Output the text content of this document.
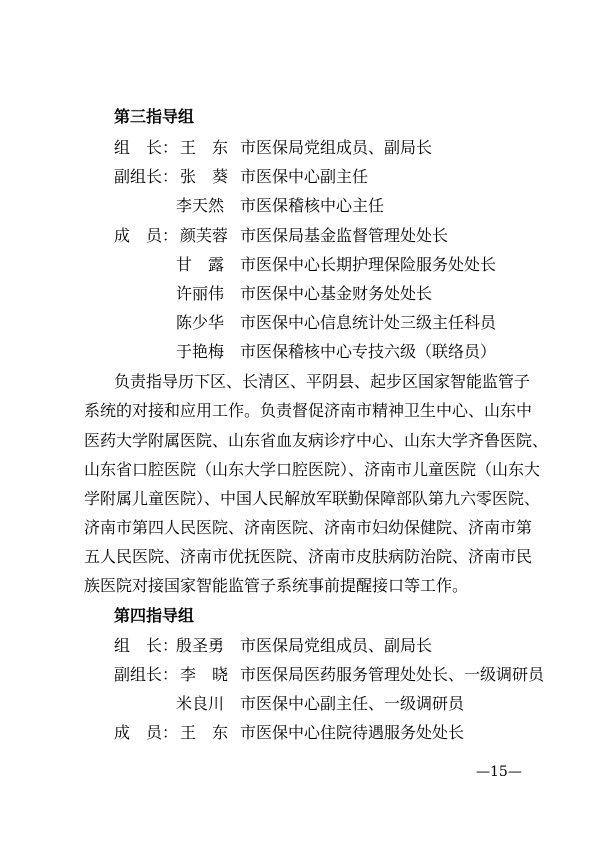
第三指导组
组　长： 王　东 市医保局党组成员、副局长
副组长： 张　葵 市医保中心副主任
李天然 市医保稽核中心主任
成　员： 颜芙蓉 市医保局基金监督管理处处长
甘　露 市医保中心长期护理保险服务处处长
许丽伟 市医保中心基金财务处处长
陈少华 市医保中心信息统计处三级主任科员
于艳梅 市医保稽核中心专技六级（联络员）
负责指导历下区、长清区、平阴县、起步区国家智能监管子
系统的对接和应用工作。负责督促济南市精神卫生中心、山东中
医药大学附属医院、山东省血友病诊疗中心、山东大学齐鲁医院、
山东省口腔医院（山东大学口腔医院）、济南市儿童医院（山东大
学附属儿童医院）、中国人民解放军联勤保障部队第九六零医院、
济南市第四人民医院、济南医院、济南市妇幼保健院、济南市第
五人民医院、济南市优抚医院、济南市皮肤病防治院、济南市民
族医院对接国家智能监管子系统事前提醒接口等工作。
第四指导组
组　长：
殷圣勇 市医保局党组成员、副局长
副组长： 李　晓 市医保局医药服务管理处处长、一级调研员
米良川 市医保中心副主任、一级调研员
成　员： 王　东 市医保中心住院待遇服务处处长
—15—
